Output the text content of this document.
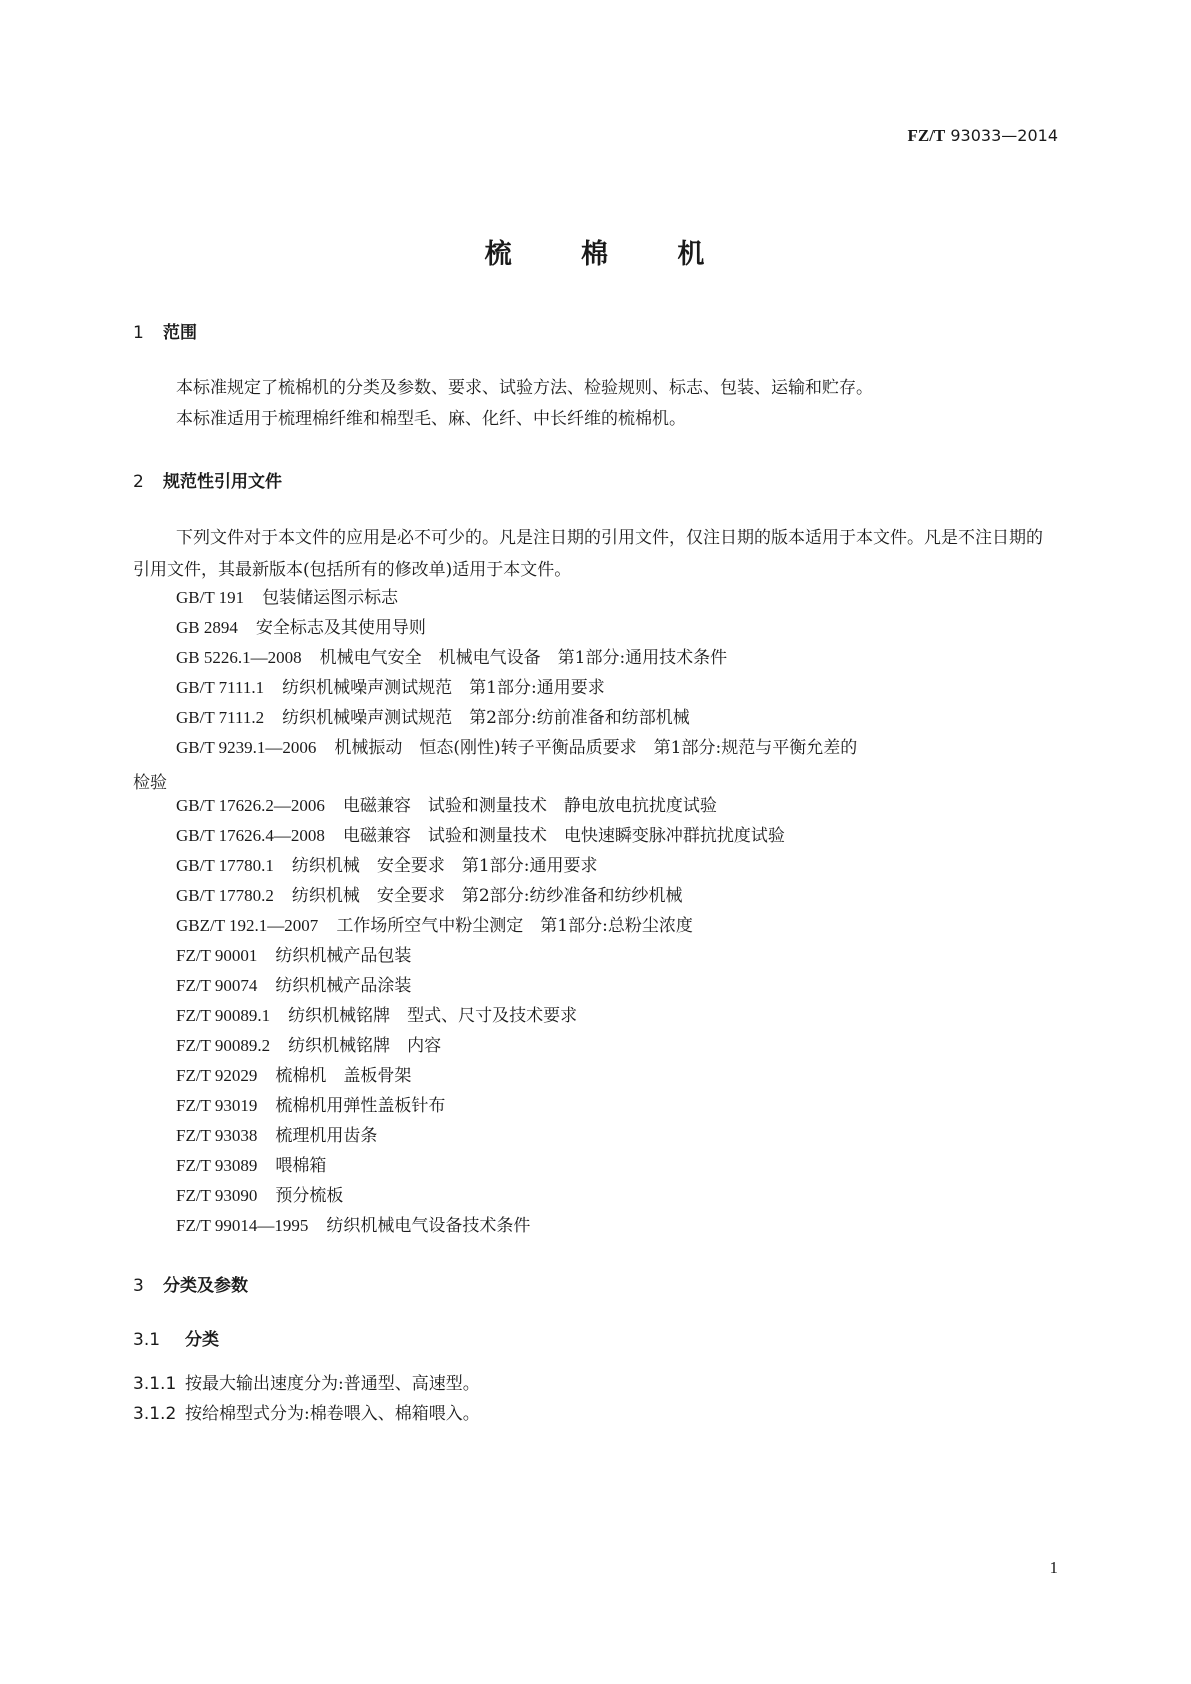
FZ/T 93033—2014
梳 棉 机
1 范围
本标准规定了梳棉机的分类及参数、要求、试验方法、检验规则、标志、包装、运输和贮存。
本标准适用于梳理棉纤维和棉型毛、麻、化纤、中长纤维的梳棉机。
2 规范性引用文件
下列文件对于本文件的应用是必不可少的。凡是注日期的引用文件，仅注日期的版本适用于本文件。凡是不注日期的引用文件，其最新版本(包括所有的修改单)适用于本文件。
GB/T 191 包装储运图示标志
GB 2894 安全标志及其使用导则
GB 5226.1—2008 机械电气安全　机械电气设备　第1部分:通用技术条件
GB/T 7111.1 纺织机械噪声测试规范　第1部分:通用要求
GB/T 7111.2 纺织机械噪声测试规范　第2部分:纺前准备和纺部机械
GB/T 9239.1—2006 机械振动　恒态(刚性)转子平衡品质要求　第1部分:规范与平衡允差的
检验
GB/T 17626.2—2006 电磁兼容　试验和测量技术　静电放电抗扰度试验
GB/T 17626.4—2008 电磁兼容　试验和测量技术　电快速瞬变脉冲群抗扰度试验
GB/T 17780.1 纺织机械　安全要求　第1部分:通用要求
GB/T 17780.2 纺织机械　安全要求　第2部分:纺纱准备和纺纱机械
GBZ/T 192.1—2007 工作场所空气中粉尘测定　第1部分:总粉尘浓度
FZ/T 90001 纺织机械产品包装
FZ/T 90074 纺织机械产品涂装
FZ/T 90089.1 纺织机械铭牌　型式、尺寸及技术要求
FZ/T 90089.2 纺织机械铭牌　内容
FZ/T 92029 梳棉机　盖板骨架
FZ/T 93019 梳棉机用弹性盖板针布
FZ/T 93038 梳理机用齿条
FZ/T 93089 喂棉箱
FZ/T 93090 预分梳板
FZ/T 99014—1995 纺织机械电气设备技术条件
3 分类及参数
3.1 分类
3.1.1 按最大输出速度分为:普通型、高速型。
3.1.2 按给棉型式分为:棉卷喂入、棉箱喂入。
1
